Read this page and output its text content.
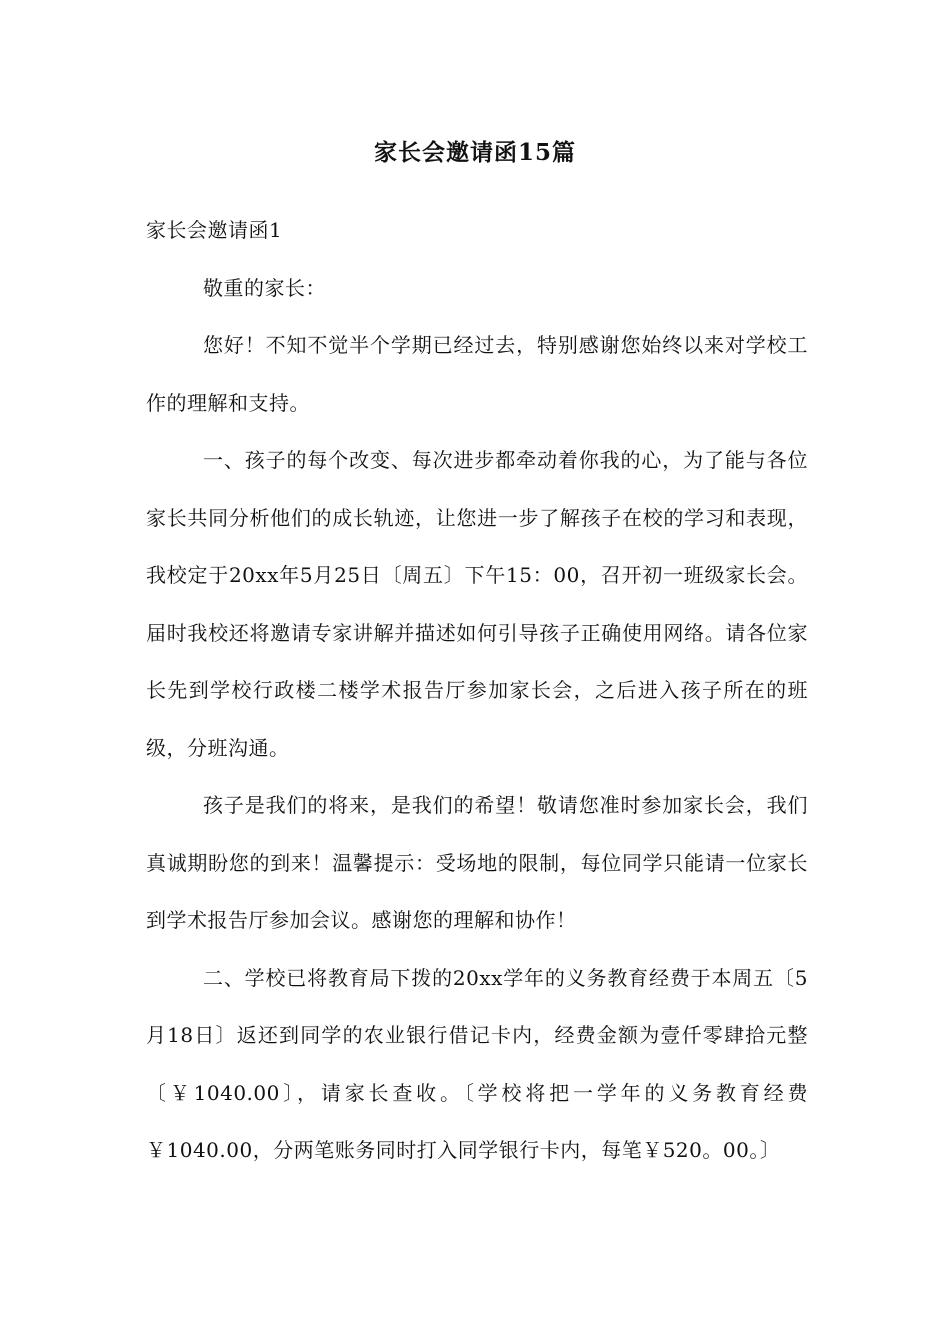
家长会邀请函15篇

家长会邀请函1

敬重的家长：

您好！不知不觉半个学期已经过去，特别感谢您始终以来对学校工作的理解和支持。

一、孩子的每个改变、每次进步都牵动着你我的心，为了能与各位家长共同分析他们的成长轨迹，让您进一步了解孩子在校的学习和表现，我校定于20xx年5月25日〔周五〕下午15：00，召开初一班级家长会。届时我校还将邀请专家讲解并描述如何引导孩子正确使用网络。请各位家长先到学校行政楼二楼学术报告厅参加家长会，之后进入孩子所在的班级，分班沟通。

孩子是我们的将来，是我们的希望！敬请您准时参加家长会，我们真诚期盼您的到来！温馨提示：受场地的限制，每位同学只能请一位家长到学术报告厅参加会议。感谢您的理解和协作！

二、学校已将教育局下拨的20xx学年的义务教育经费于本周五〔5月18日〕返还到同学的农业银行借记卡内，经费金额为壹仟零肆拾元整〔￥1040.00〕，请家长查收。〔学校将把一学年的义务教育经费￥1040.00，分两笔账务同时打入同学银行卡内，每笔￥520。00。〕
